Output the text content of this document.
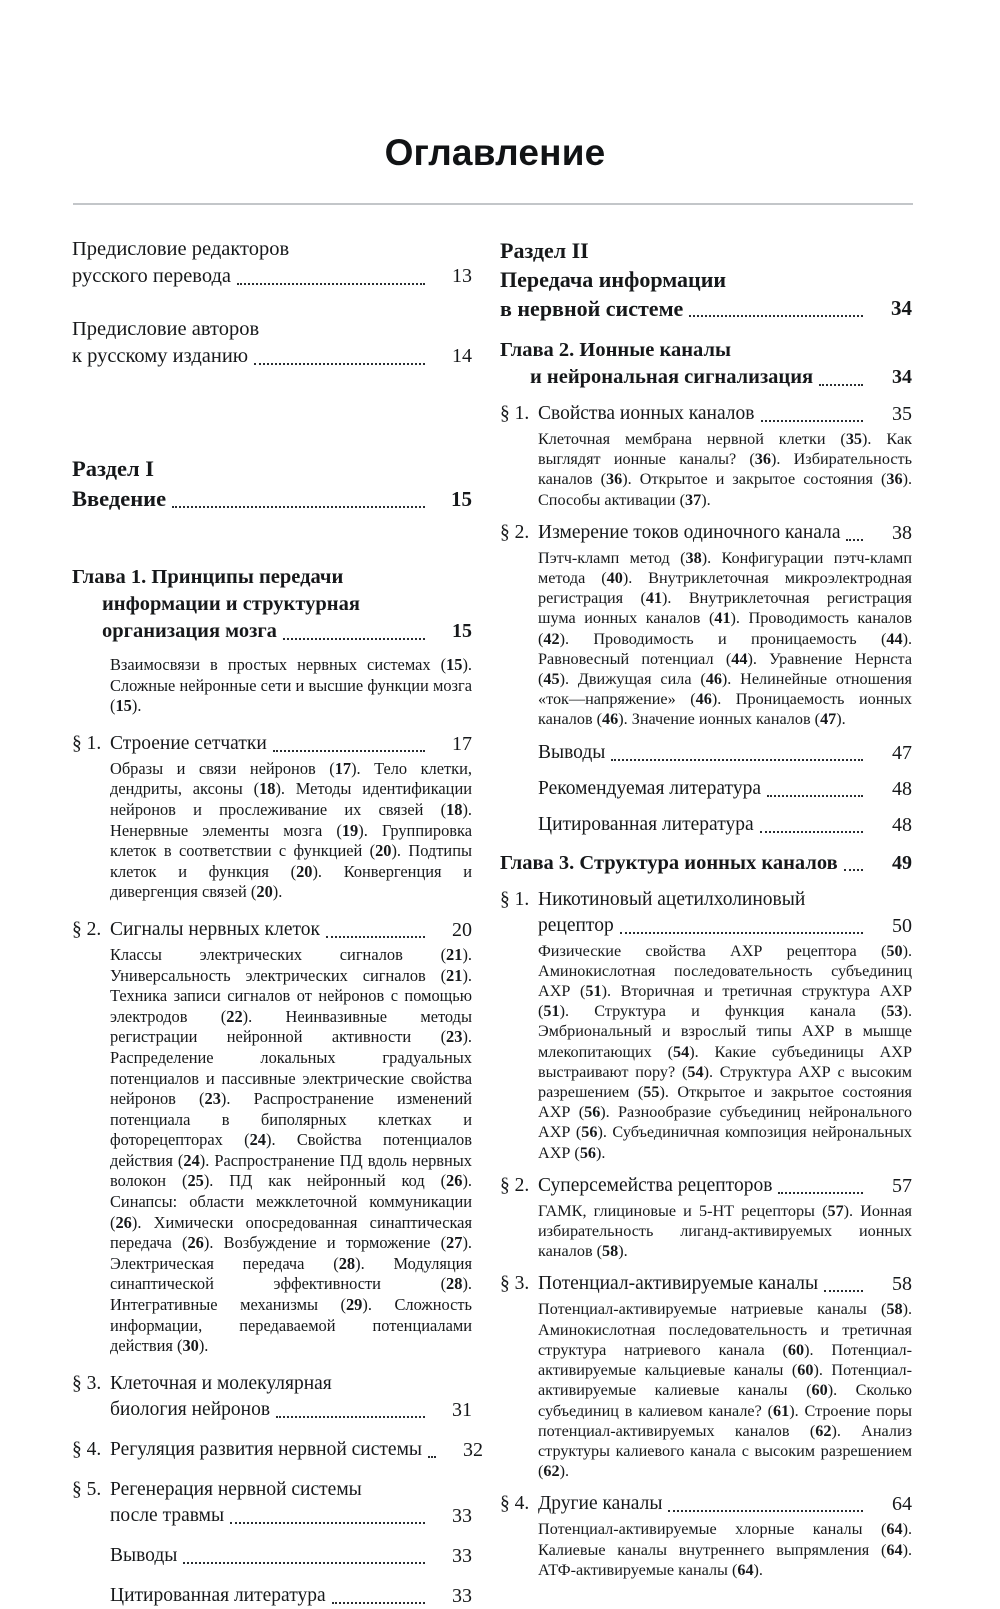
Оглавление
Предисловие редакторов
русского перевода	13
Предисловие авторов
к русскому изданию	14
Раздел I
Введение	15
Глава 1. Принципы передачи
информации и структурная
организация мозга	15
Взаимосвязи в простых нервных системах (15). Сложные нейронные сети и высшие функции мозга (15).
§ 1. Строение сетчатки	17
Образы и связи нейронов (17). Тело клетки, дендриты, аксоны (18). Методы идентификации нейронов и прослеживание их связей (18). Ненервные элементы мозга (19). Группировка клеток в соответствии с функцией (20). Подтипы клеток и функция (20). Конвергенция и дивергенция связей (20).
§ 2. Сигналы нервных клеток	20
Классы электрических сигналов (21). Универсальность электрических сигналов (21). Техника записи сигналов от нейронов с помощью электродов (22). Неинвазивные методы регистрации нейронной активности (23). Распределение локальных градуальных потенциалов и пассивные электрические свойства нейронов (23). Распространение изменений потенциала в биполярных клетках и фоторецепторах (24). Свойства потенциалов действия (24). Распространение ПД вдоль нервных волокон (25). ПД как нейронный код (26). Синапсы: области межклеточной коммуникации (26). Химически опосредованная синаптическая передача (26). Возбуждение и торможение (27). Электрическая передача (28). Модуляция синаптической эффективности (28). Интегративные механизмы (29). Сложность информации, передаваемой потенциалами действия (30).
§ 3. Клеточная и молекулярная
биология нейронов	31
§ 4. Регуляция развития нервной системы	32
§ 5. Регенерация нервной системы
после травмы	33
Выводы	33
Цитированная литература	33
Раздел II
Передача информации
в нервной системе	34
Глава 2. Ионные каналы
и нейрональная сигнализация	34
§ 1. Свойства ионных каналов	35
Клеточная мембрана нервной клетки (35). Как выглядят ионные каналы? (36). Избирательность каналов (36). Открытое и закрытое состояния (36). Способы активации (37).
§ 2. Измерение токов одиночного канала	38
Пэтч-кламп метод (38). Конфигурации пэтч-кламп метода (40). Внутриклеточная микроэлектродная регистрация (41). Внутриклеточная регистрация шума ионных каналов (41). Проводимость каналов (42). Проводимость и проницаемость (44). Равновесный потенциал (44). Уравнение Нернста (45). Движущая сила (46). Нелинейные отношения «ток—напряжение» (46). Проницаемость ионных каналов (46). Значение ионных каналов (47).
Выводы	47
Рекомендуемая литература	48
Цитированная литература	48
Глава 3. Структура ионных каналов	49
§ 1. Никотиновый ацетилхолиновый
рецептор	50
Физические свойства АХР рецептора (50). Аминокислотная последовательность субъединиц АХР (51). Вторичная и третичная структура АХР (51). Структура и функция канала (53). Эмбриональный и взрослый типы АХР в мышце млекопитающих (54). Какие субъединицы АХР выстраивают пору? (54). Структура АХР с высоким разрешением (55). Открытое и закрытое состояния АХР (56). Разнообразие субъединиц нейронального АХР (56). Субъединичная композиция нейрональных АХР (56).
§ 2. Суперсемейства рецепторов	57
ГАМК, глициновые и 5-НТ рецепторы (57). Ионная избирательность лиганд-активируемых ионных каналов (58).
§ 3. Потенциал-активируемые каналы	58
Потенциал-активируемые натриевые каналы (58). Аминокислотная последовательность и третичная структура натриевого канала (60). Потенциал-активируемые кальциевые каналы (60). Потенциал-активируемые калиевые каналы (60). Сколько субъединиц в калиевом канале? (61). Строение поры потенциал-активируемых каналов (62). Анализ структуры калиевого канала с высоким разрешением (62).
§ 4. Другие каналы	64
Потенциал-активируемые хлорные каналы (64). Калиевые каналы внутреннего выпрямления (64). АТФ-активируемые каналы (64).
